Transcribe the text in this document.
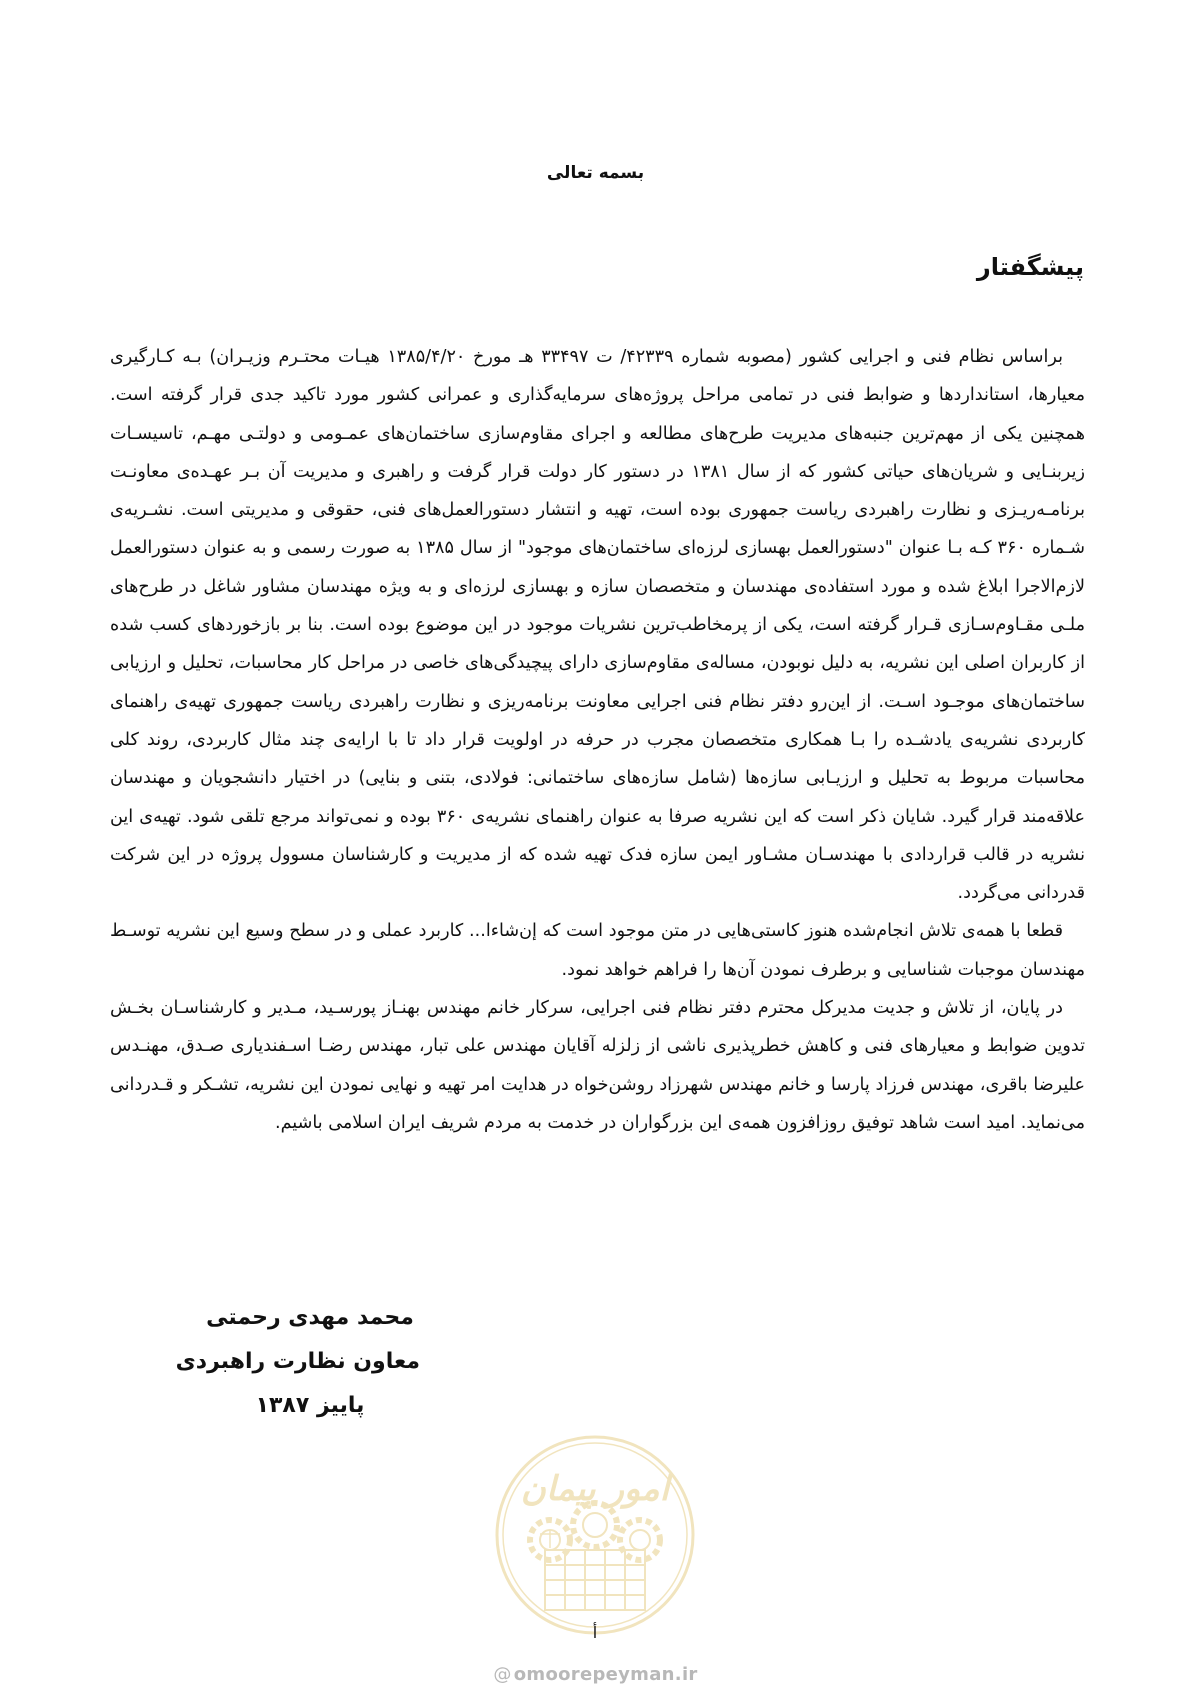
بسمه تعالی
پیشگفتار

براساس نظام فنی و اجرایی کشور (مصوبه شماره ۴۲۳۳۹/ ت ۳۳۴۹۷ هـ مورخ ۱۳۸۵/۴/۲۰ هیـات محتـرم وزیـران) بـه کـارگیری معیارها، استانداردها و ضوابط فنی در تمامی مراحل پروژه‌های سرمایه‌گذاری و عمرانی کشور مورد تاکید جدی قرار گرفته است. همچنین یکی از مهم‌ترین جنبه‌های مدیریت طرح‌های مطالعه و اجرای مقاوم‌سازی ساختمان‌های عمـومی و دولتـی مهـم، تاسیسـات زیربنـایی و شریان‌های حیاتی کشور که از سال ۱۳۸۱ در دستور کار دولت قرار گرفت و راهبری و مدیریت آن بـر عهـده‌ی معاونـت برنامـه‌ریـزی و نظارت راهبردی ریاست جمهوری بوده است، تهیه و انتشار دستورالعمل‌های فنی، حقوقی و مدیریتی است. نشـریه‌ی شـماره ۳۶۰ کـه بـا عنوان "دستورالعمل بهسازی لرزه‌ای ساختمان‌های موجود" از سال ۱۳۸۵ به صورت رسمی و به عنوان دستورالعمل لازم‌الاجرا ابلاغ شده و مورد استفاده‌ی مهندسان و متخصصان سازه و بهسازی لرزه‌ای و به ویژه مهندسان مشاور شاغل در طرح‌های ملـی مقـاوم‌سـازی قـرار گرفته است، یکی از پرمخاطب‌ترین نشریات موجود در این موضوع بوده است. بنا بر بازخوردهای کسب شده از کاربران اصلی این نشریه، به دلیل نوبودن، مساله‌ی مقاوم‌سازی دارای پیچیدگی‌های خاصی در مراحل کار محاسبات، تحلیل و ارزیابی ساختمان‌های موجـود اسـت. از این‌رو دفتر نظام فنی اجرایی معاونت برنامه‌ریزی و نظارت راهبردی ریاست جمهوری تهیه‌ی راهنمای کاربردی نشریه‌ی یادشـده را بـا همکاری متخصصان مجرب در حرفه در اولویت قرار داد تا با ارایه‌ی چند مثال کاربردی، روند کلی محاسبات مربوط به تحلیل و ارزیـابی سازه‌ها (شامل سازه‌های ساختمانی: فولادی، بتنی و بنایی) در اختیار دانشجویان و مهندسان علاقه‌مند قرار گیرد. شایان ذکر است که این نشریه صرفا به عنوان راهنمای نشریه‌ی ۳۶۰ بوده و نمی‌تواند مرجع تلقی شود. تهیه‌ی این نشریه در قالب قراردادی با مهندسـان مشـاور ایمن سازه فدک تهیه شده که از مدیریت و کارشناسان مسوول پروژه در این شرکت قدردانی می‌گردد.

قطعا با همه‌ی تلاش انجام‌شده هنوز کاستی‌هایی در متن موجود است که إن‌شاءا... کاربرد عملی و در سطح وسیع این نشریه توسـط مهندسان موجبات شناسایی و برطرف نمودن آن‌ها را فراهم خواهد نمود.

در پایان، از تلاش و جدیت مدیرکل محترم دفتر نظام فنی اجرایی، سرکار خانم مهندس بهنـاز پورسـید، مـدیر و کارشناسـان بخـش تدوین ضوابط و معیارهای فنی و کاهش خطرپذیری ناشی از زلزله آقایان مهندس علی تبار، مهندس رضـا اسـفندیاری صـدق، مهنـدس علیرضا باقری، مهندس فرزاد پارسا و خانم مهندس شهرزاد روشن‌خواه در هدایت امر تهیه و نهایی نمودن این نشریه، تشـکر و قـدردانی می‌نماید. امید است شاهد توفیق روزافزون همه‌ی این بزرگواران در خدمت به مردم شریف ایران اسلامی باشیم.

محمد مهدی رحمتی
معاون نظارت راهبردی
پاییز ۱۳۸۷
امور پیمان
أ
@ omoorepeyman.ir
